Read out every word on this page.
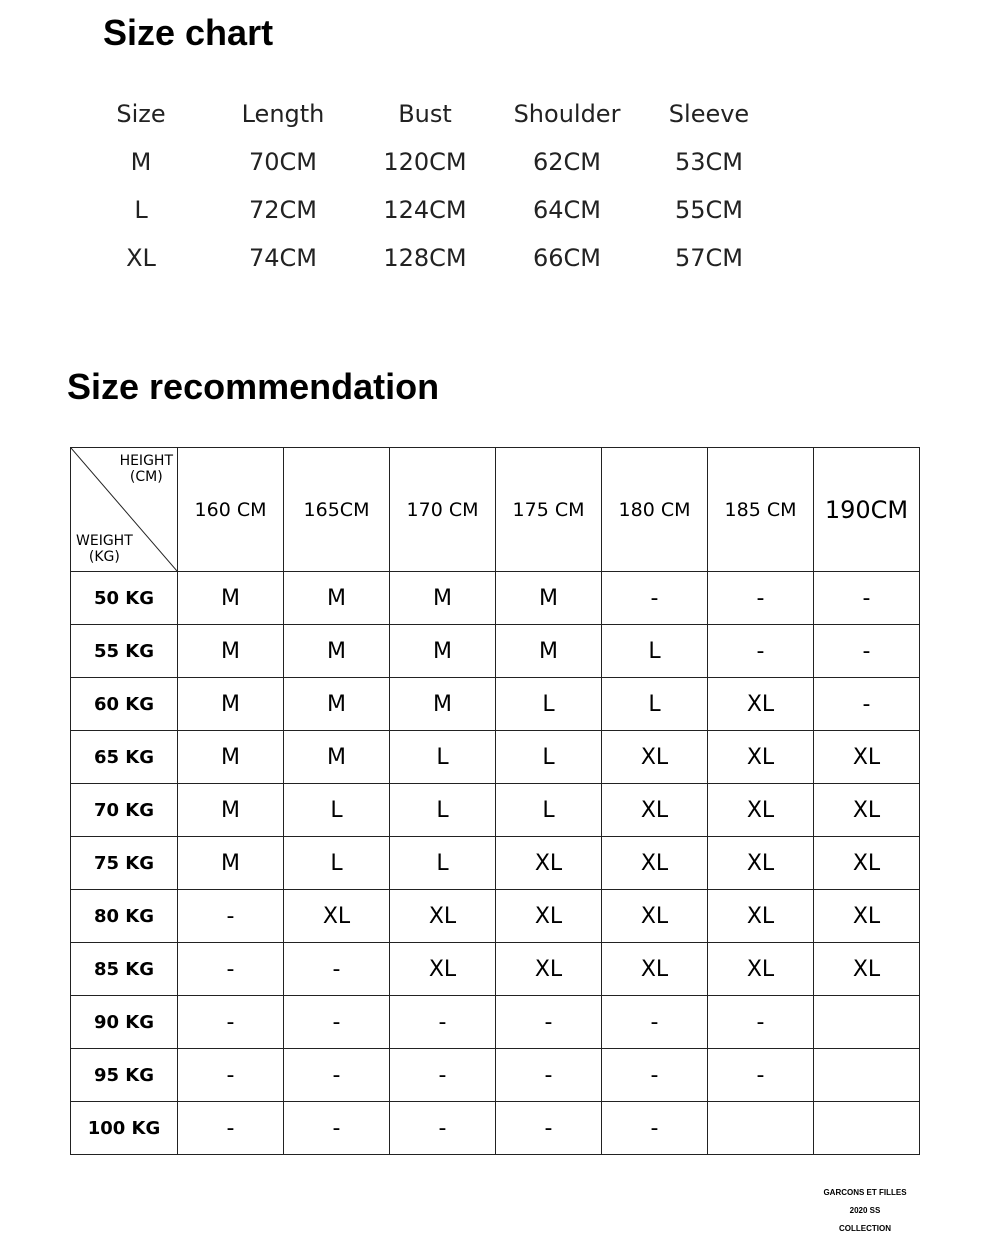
Size chart
Size	Length	Bust	Shoulder	Sleeve
M	70CM	120CM	62CM	53CM
L	72CM	124CM	64CM	55CM
XL	74CM	128CM	66CM	57CM
Size recommendation
HEIGHT
(CM)
WEIGHT
(KG)	160 CM	165CM	170 CM	175 CM	180 CM	185 CM	190CM
50 KG	M	M	M	M	-	-	-
55 KG	M	M	M	M	L	-	-
60 KG	M	M	M	L	L	XL	-
65 KG	M	M	L	L	XL	XL	XL
70 KG	M	L	L	L	XL	XL	XL
75 KG	M	L	L	XL	XL	XL	XL
80 KG	-	XL	XL	XL	XL	XL	XL
85 KG	-	-	XL	XL	XL	XL	XL
90 KG	-	-	-	-	-	-	
95 KG	-	-	-	-	-	-	
100 KG	-	-	-	-	-		
GARCONS ET FILLES
2020 SS
COLLECTION
